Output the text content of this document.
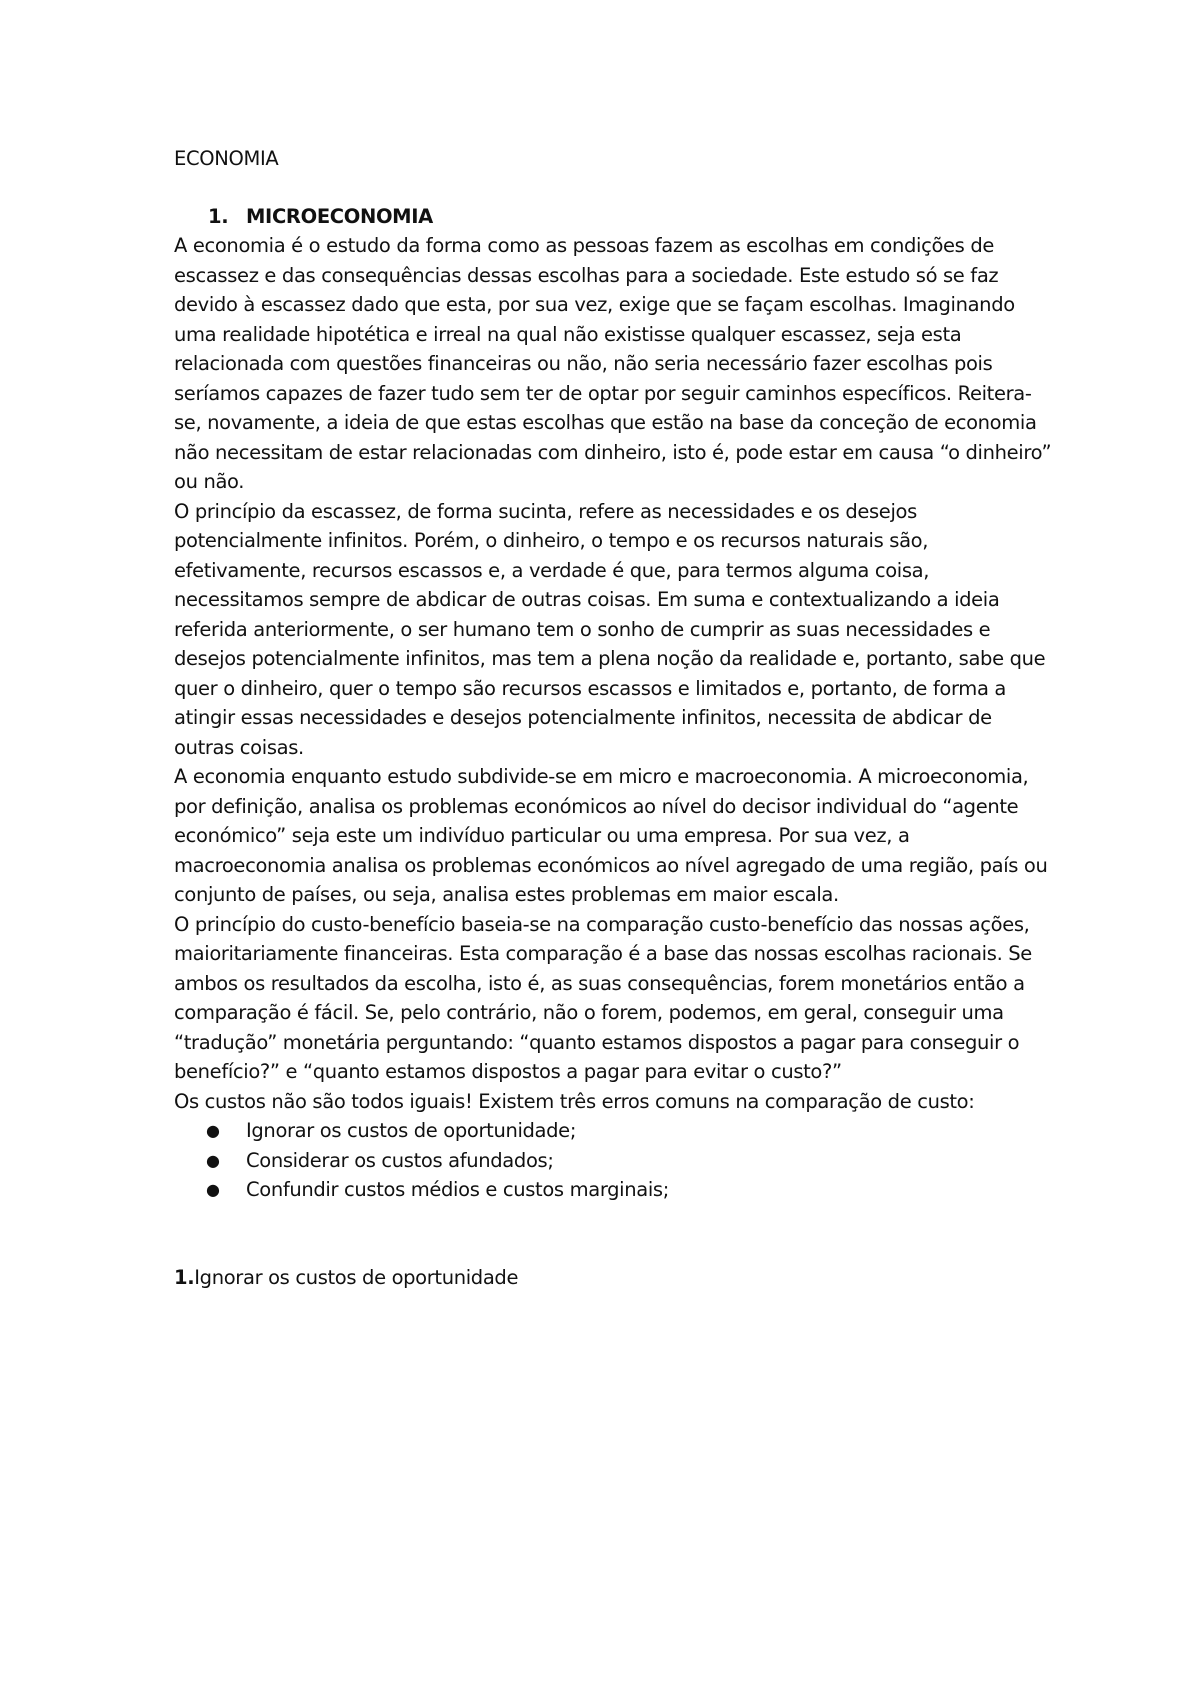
ECONOMIA
1. MICROECONOMIA

A economia é o estudo da forma como as pessoas fazem as escolhas em condições de escassez e das consequências dessas escolhas para a sociedade. Este estudo só se faz devido à escassez dado que esta, por sua vez, exige que se façam escolhas. Imaginando uma realidade hipotética e irreal na qual não existisse qualquer escassez, seja esta relacionada com questões financeiras ou não, não seria necessário fazer escolhas pois seríamos capazes de fazer tudo sem ter de optar por seguir caminhos específicos. Reitera-se, novamente, a ideia de que estas escolhas que estão na base da conceção de economia não necessitam de estar relacionadas com dinheiro, isto é, pode estar em causa “o dinheiro” ou não.

O princípio da escassez, de forma sucinta, refere as necessidades e os desejos potencialmente infinitos. Porém, o dinheiro, o tempo e os recursos naturais são, efetivamente, recursos escassos e, a verdade é que, para termos alguma coisa, necessitamos sempre de abdicar de outras coisas. Em suma e contextualizando a ideia referida anteriormente, o ser humano tem o sonho de cumprir as suas necessidades e desejos potencialmente infinitos, mas tem a plena noção da realidade e, portanto, sabe que quer o dinheiro, quer o tempo são recursos escassos e limitados e, portanto, de forma a atingir essas necessidades e desejos potencialmente infinitos, necessita de abdicar de outras coisas.

A economia enquanto estudo subdivide-se em micro e macroeconomia. A microeconomia, por definição, analisa os problemas económicos ao nível do decisor individual do “agente económico” seja este um indivíduo particular ou uma empresa. Por sua vez, a macroeconomia analisa os problemas económicos ao nível agregado de uma região, país ou conjunto de países, ou seja, analisa estes problemas em maior escala.

O princípio do custo-benefício baseia-se na comparação custo-benefício das nossas ações, maioritariamente financeiras. Esta comparação é a base das nossas escolhas racionais. Se ambos os resultados da escolha, isto é, as suas consequências, forem monetários então a comparação é fácil. Se, pelo contrário, não o forem, podemos, em geral, conseguir uma “tradução” monetária perguntando: “quanto estamos dispostos a pagar para conseguir o benefício?” e “quanto estamos dispostos a pagar para evitar o custo?”

Os custos não são todos iguais! Existem três erros comuns na comparação de custo:

●	Ignorar os custos de oportunidade;
●	Considerar os custos afundados;
●	Confundir custos médios e custos marginais;
1. Ignorar os custos de oportunidade
